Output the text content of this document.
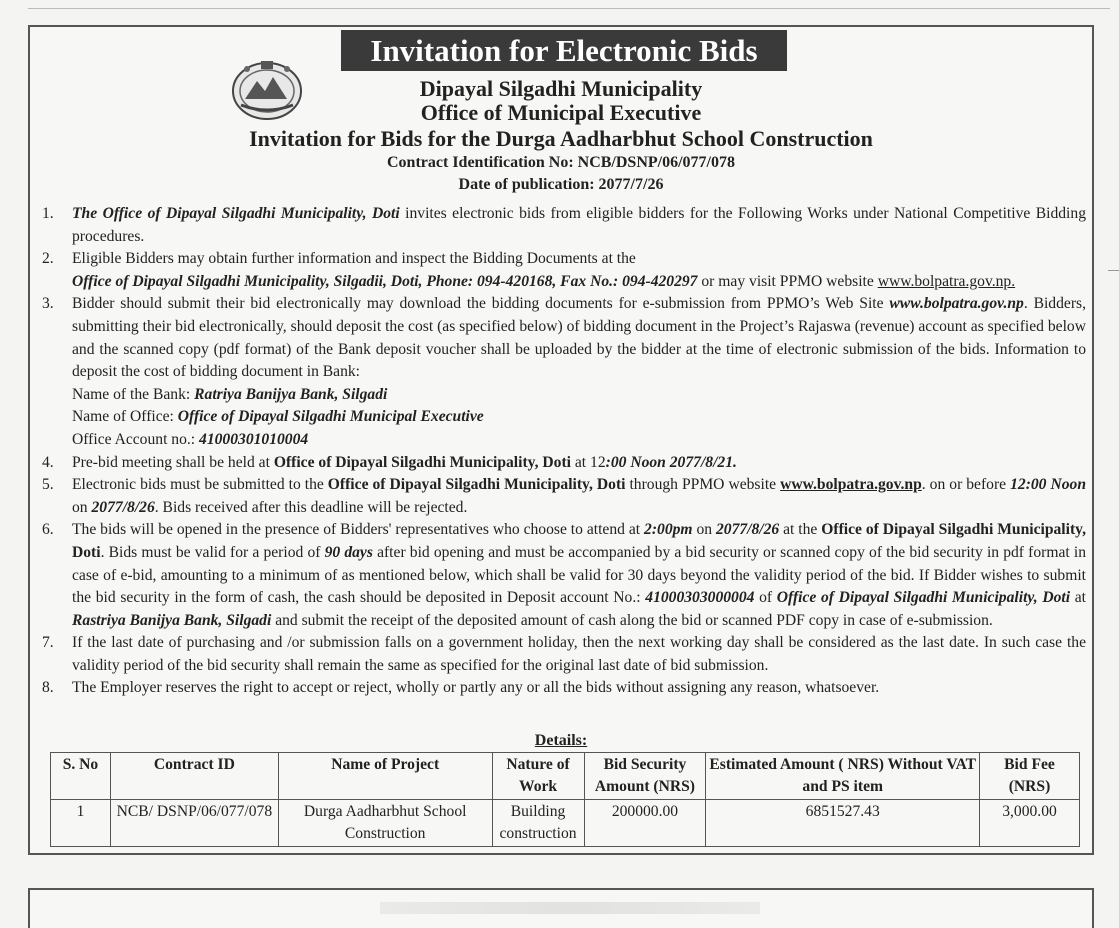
Invitation for Electronic Bids
Dipayal Silgadhi Municipality
Office of Municipal Executive
Invitation for Bids for the Durga Aadharbhut School Construction
Contract Identification No: NCB/DSNP/06/077/078
Date of publication: 2077/7/26
1. The Office of Dipayal Silgadhi Municipality, Doti invites electronic bids from eligible bidders for the Following Works under National Competitive Bidding procedures.
2. Eligible Bidders may obtain further information and inspect the Bidding Documents at the
Office of Dipayal Silgadhi Municipality, Silgadii, Doti, Phone: 094-420168, Fax No.: 094-420297 or may visit PPMO website www.bolpatra.gov.np.
3. Bidder should submit their bid electronically may download the bidding documents for e-submission from PPMO’s Web Site www.bolpatra.gov.np. Bidders, submitting their bid electronically, should deposit the cost (as specified below) of bidding document in the Project’s Rajaswa (revenue) account as specified below and the scanned copy (pdf format) of the Bank deposit voucher shall be uploaded by the bidder at the time of electronic submission of the bids. Information to deposit the cost of bidding document in Bank:
Name of the Bank: Ratriya Banijya Bank, Silgadi
Name of Office: Office of Dipayal Silgadhi Municipal Executive
Office Account no.: 41000301010004
4. Pre-bid meeting shall be held at Office of Dipayal Silgadhi Municipality, Doti at 12:00 Noon 2077/8/21.
5. Electronic bids must be submitted to the Office of Dipayal Silgadhi Municipality, Doti through PPMO website www.bolpatra.gov.np. on or before 12:00 Noon on 2077/8/26. Bids received after this deadline will be rejected.
6. The bids will be opened in the presence of Bidders' representatives who choose to attend at 2:00pm on 2077/8/26 at the Office of Dipayal Silgadhi Municipality, Doti. Bids must be valid for a period of 90 days after bid opening and must be accompanied by a bid security or scanned copy of the bid security in pdf format in case of e-bid, amounting to a minimum of as mentioned below, which shall be valid for 30 days beyond the validity period of the bid. If Bidder wishes to submit the bid security in the form of cash, the cash should be deposited in Deposit account No.: 41000303000004 of Office of Dipayal Silgadhi Municipality, Doti at Rastriya Banijya Bank, Silgadi and submit the receipt of the deposited amount of cash along the bid or scanned PDF copy in case of e-submission.
7. If the last date of purchasing and /or submission falls on a government holiday, then the next working day shall be considered as the last date. In such case the validity period of the bid security shall remain the same as specified for the original last date of bid submission.
8. The Employer reserves the right to accept or reject, wholly or partly any or all the bids without assigning any reason, whatsoever.
Details:
S. No	Contract ID	Name of Project	Nature of Work	Bid Security Amount (NRS)	Estimated Amount ( NRS) Without VAT and PS item	Bid Fee (NRS)
1	NCB/ DSNP/06/077/078	Durga Aadharbhut School Construction	Building construction	200000.00	6851527.43	3,000.00
